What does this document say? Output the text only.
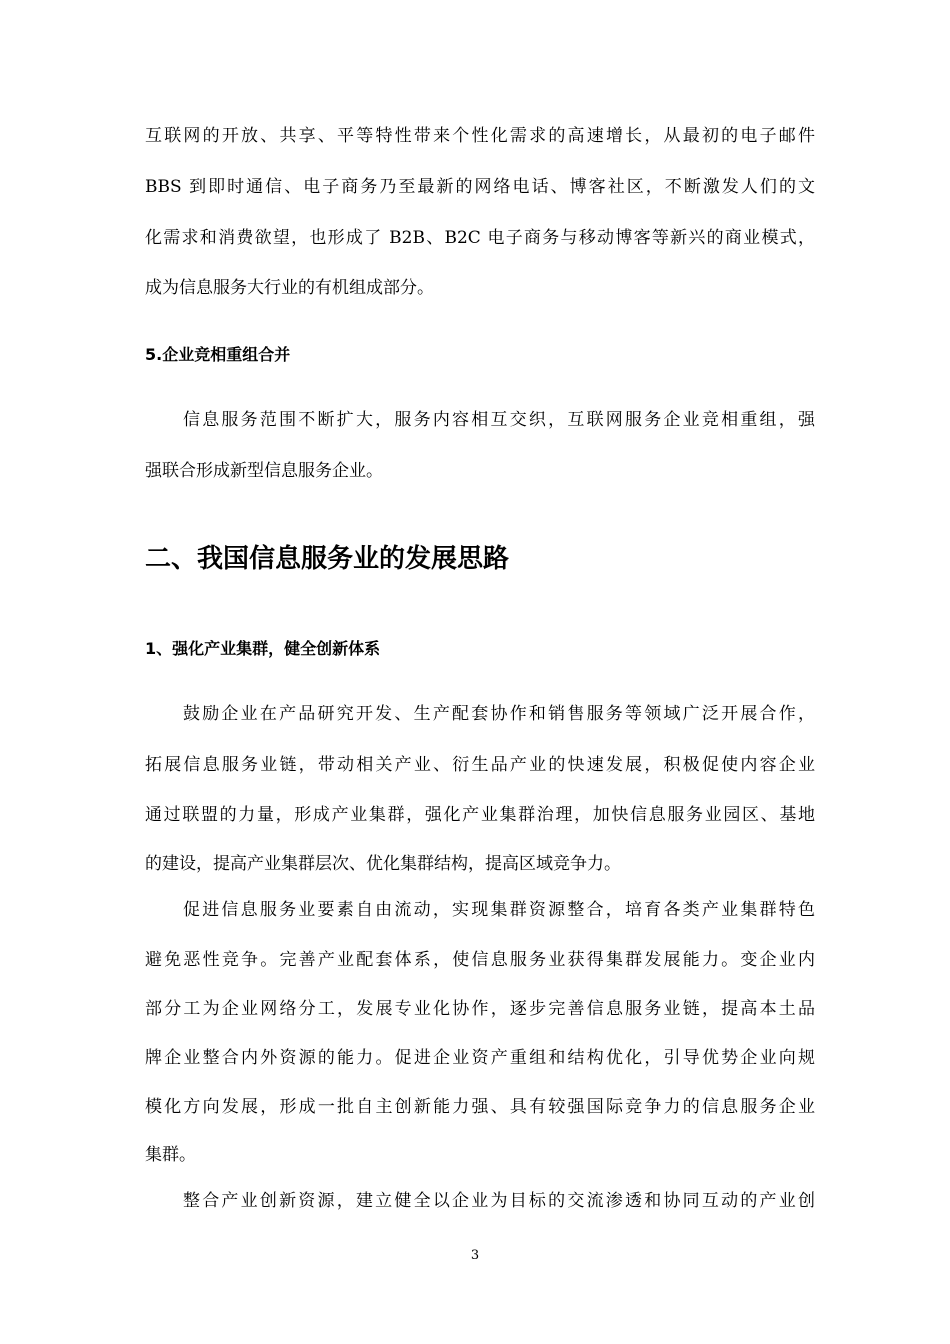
互联网的开放、共享、平等特性带来个性化需求的高速增长，从最初的电子邮件
BBS 到即时通信、电子商务乃至最新的网络电话、博客社区，不断激发人们的文
化需求和消费欲望，也形成了 B2B、B2C 电子商务与移动博客等新兴的商业模式，
成为信息服务大行业的有机组成部分。
5.企业竞相重组合并
信息服务范围不断扩大，服务内容相互交织，互联网服务企业竞相重组，强
强联合形成新型信息服务企业。
二、我国信息服务业的发展思路
1、强化产业集群，健全创新体系
鼓励企业在产品研究开发、生产配套协作和销售服务等领域广泛开展合作，
拓展信息服务业链，带动相关产业、衍生品产业的快速发展，积极促使内容企业
通过联盟的力量，形成产业集群，强化产业集群治理，加快信息服务业园区、基地
的建设，提高产业集群层次、优化集群结构，提高区域竞争力。
促进信息服务业要素自由流动，实现集群资源整合，培育各类产业集群特色
避免恶性竞争。完善产业配套体系，使信息服务业获得集群发展能力。变企业内
部分工为企业网络分工，发展专业化协作，逐步完善信息服务业链，提高本土品
牌企业整合内外资源的能力。促进企业资产重组和结构优化，引导优势企业向规
模化方向发展，形成一批自主创新能力强、具有较强国际竞争力的信息服务企业
集群。
整合产业创新资源，建立健全以企业为目标的交流渗透和协同互动的产业创
3
